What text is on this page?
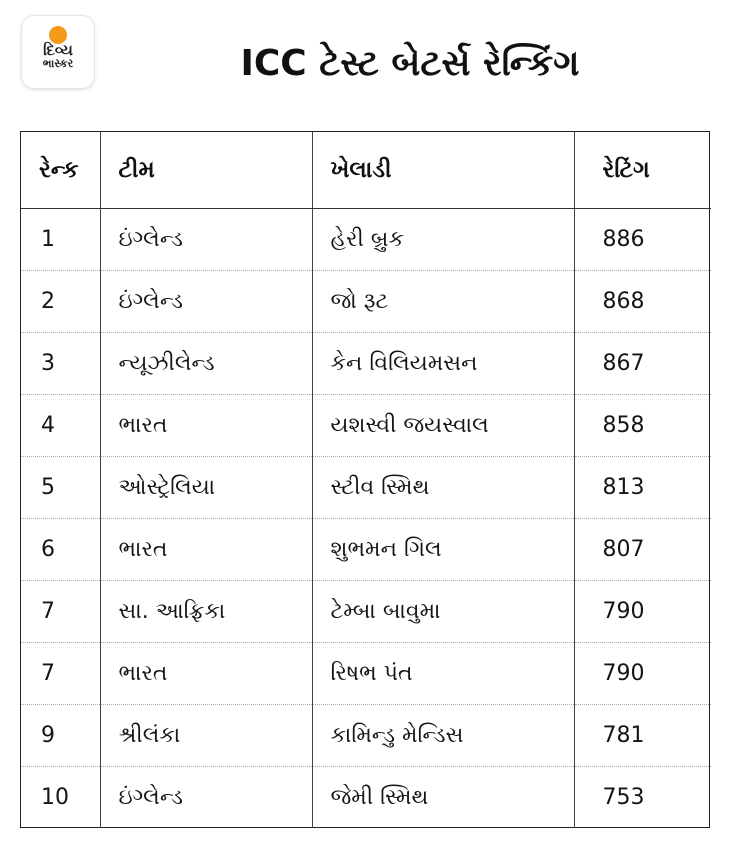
દિવ્ય
ભાસ્કર	ICC ટેસ્ટ બેટર્સ રેન્કિંગ
રેન્ક	ટીમ	ખેલાડી	રેટિંગ
1	ઇંગ્લેન્ડ	હેરી બ્રુક	886
2	ઇંગ્લેન્ડ	જો રૂટ	868
3	ન્યૂઝીલેન્ડ	કેન વિલિયમસન	867
4	ભારત	યશસ્વી જયસ્વાલ	858
5	ઓસ્ટ્રેલિયા	સ્ટીવ સ્મિથ	813
6	ભારત	શુભમન ગિલ	807
7	સા. આફ્રિકા	ટેમ્બા બાવુમા	790
7	ભારત	રિષભ પંત	790
9	શ્રીલંકા	કામિન્ડુ મેન્ડિસ	781
10	ઇંગ્લેન્ડ	જેમી સ્મિથ	753
